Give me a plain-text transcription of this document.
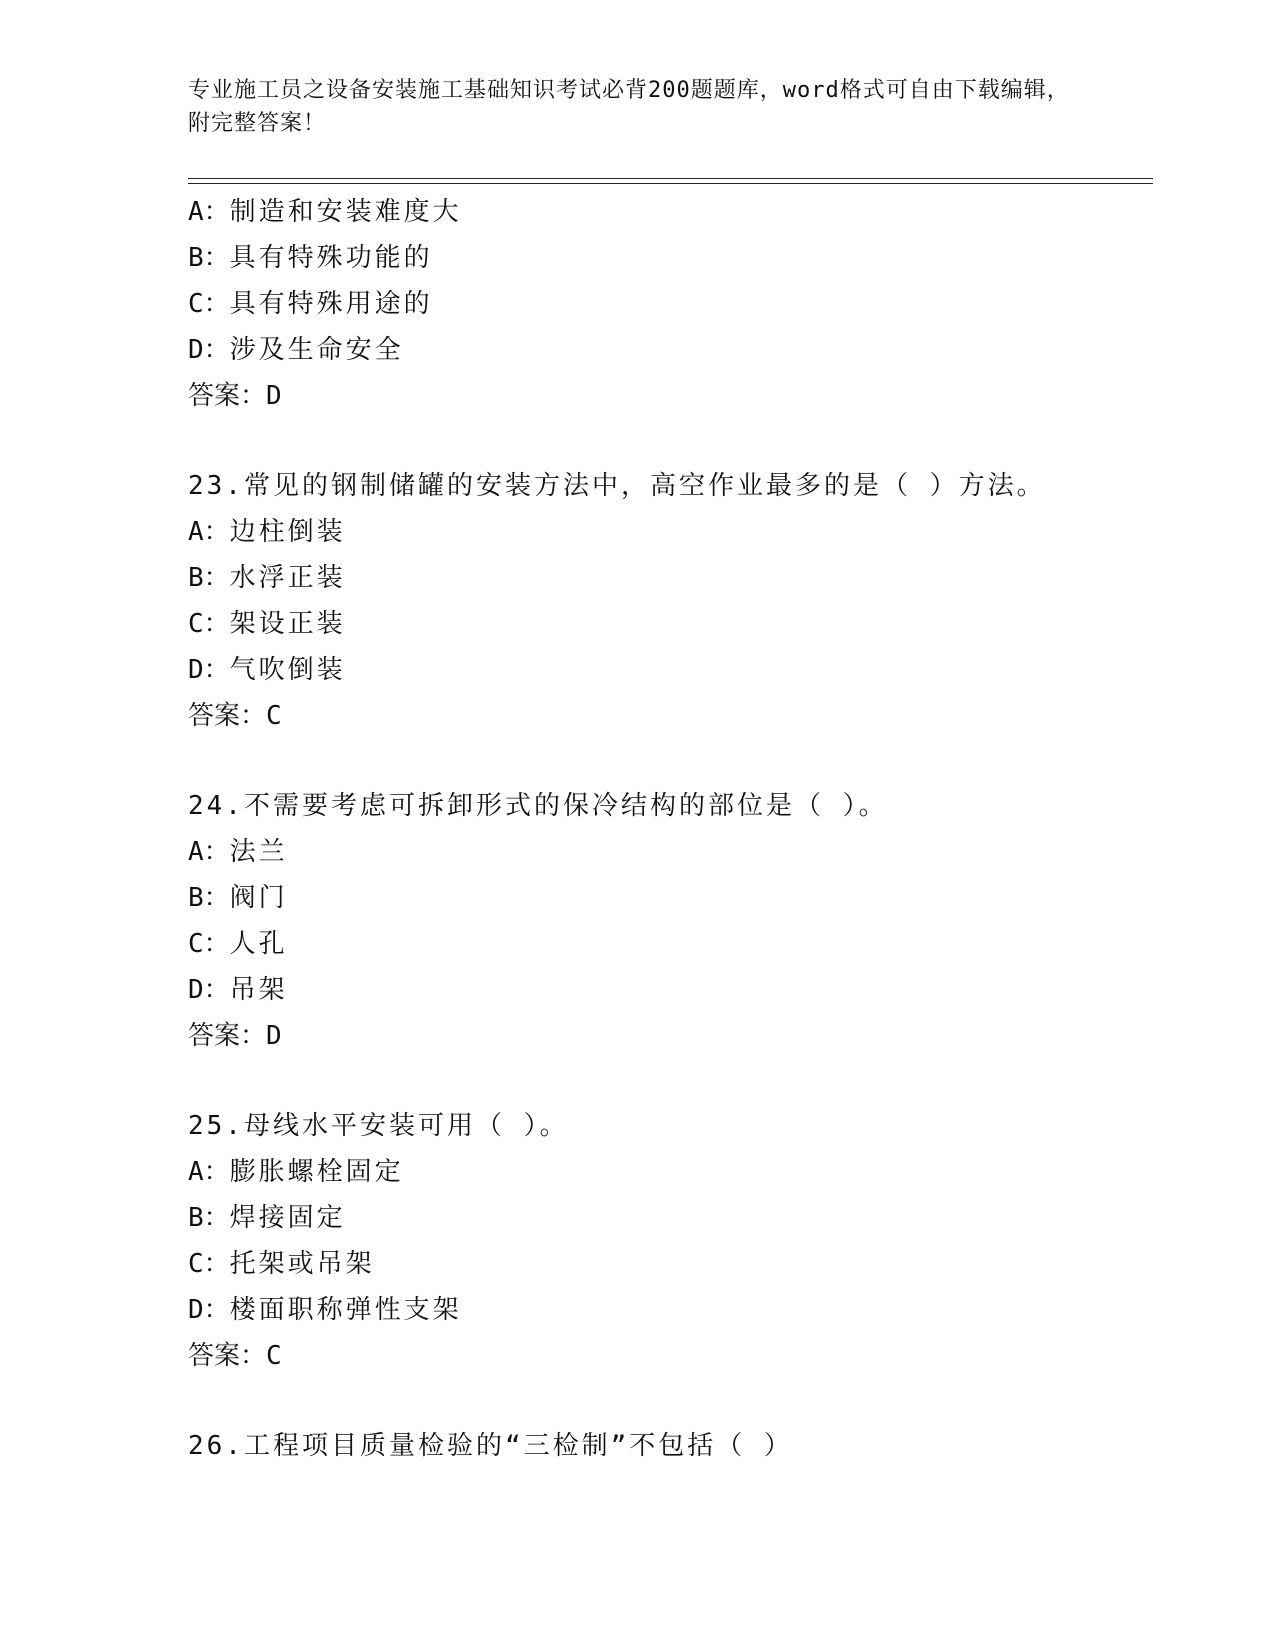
专业施工员之设备安装施工基础知识考试必背200题题库，word格式可自由下载编辑，附完整答案！
A：制造和安装难度大
B：具有特殊功能的
C：具有特殊用途的
D：涉及生命安全
答案：D
23.常见的钢制储罐的安装方法中，高空作业最多的是（ ）方法。
A：边柱倒装
B：水浮正装
C：架设正装
D：气吹倒装
答案：C
24.不需要考虑可拆卸形式的保冷结构的部位是（ ）。
A：法兰
B：阀门
C：人孔
D：吊架
答案：D
25.母线水平安装可用（ ）。
A：膨胀螺栓固定
B：焊接固定
C：托架或吊架
D：楼面职称弹性支架
答案：C
26.工程项目质量检验的“三检制”不包括（ ）
